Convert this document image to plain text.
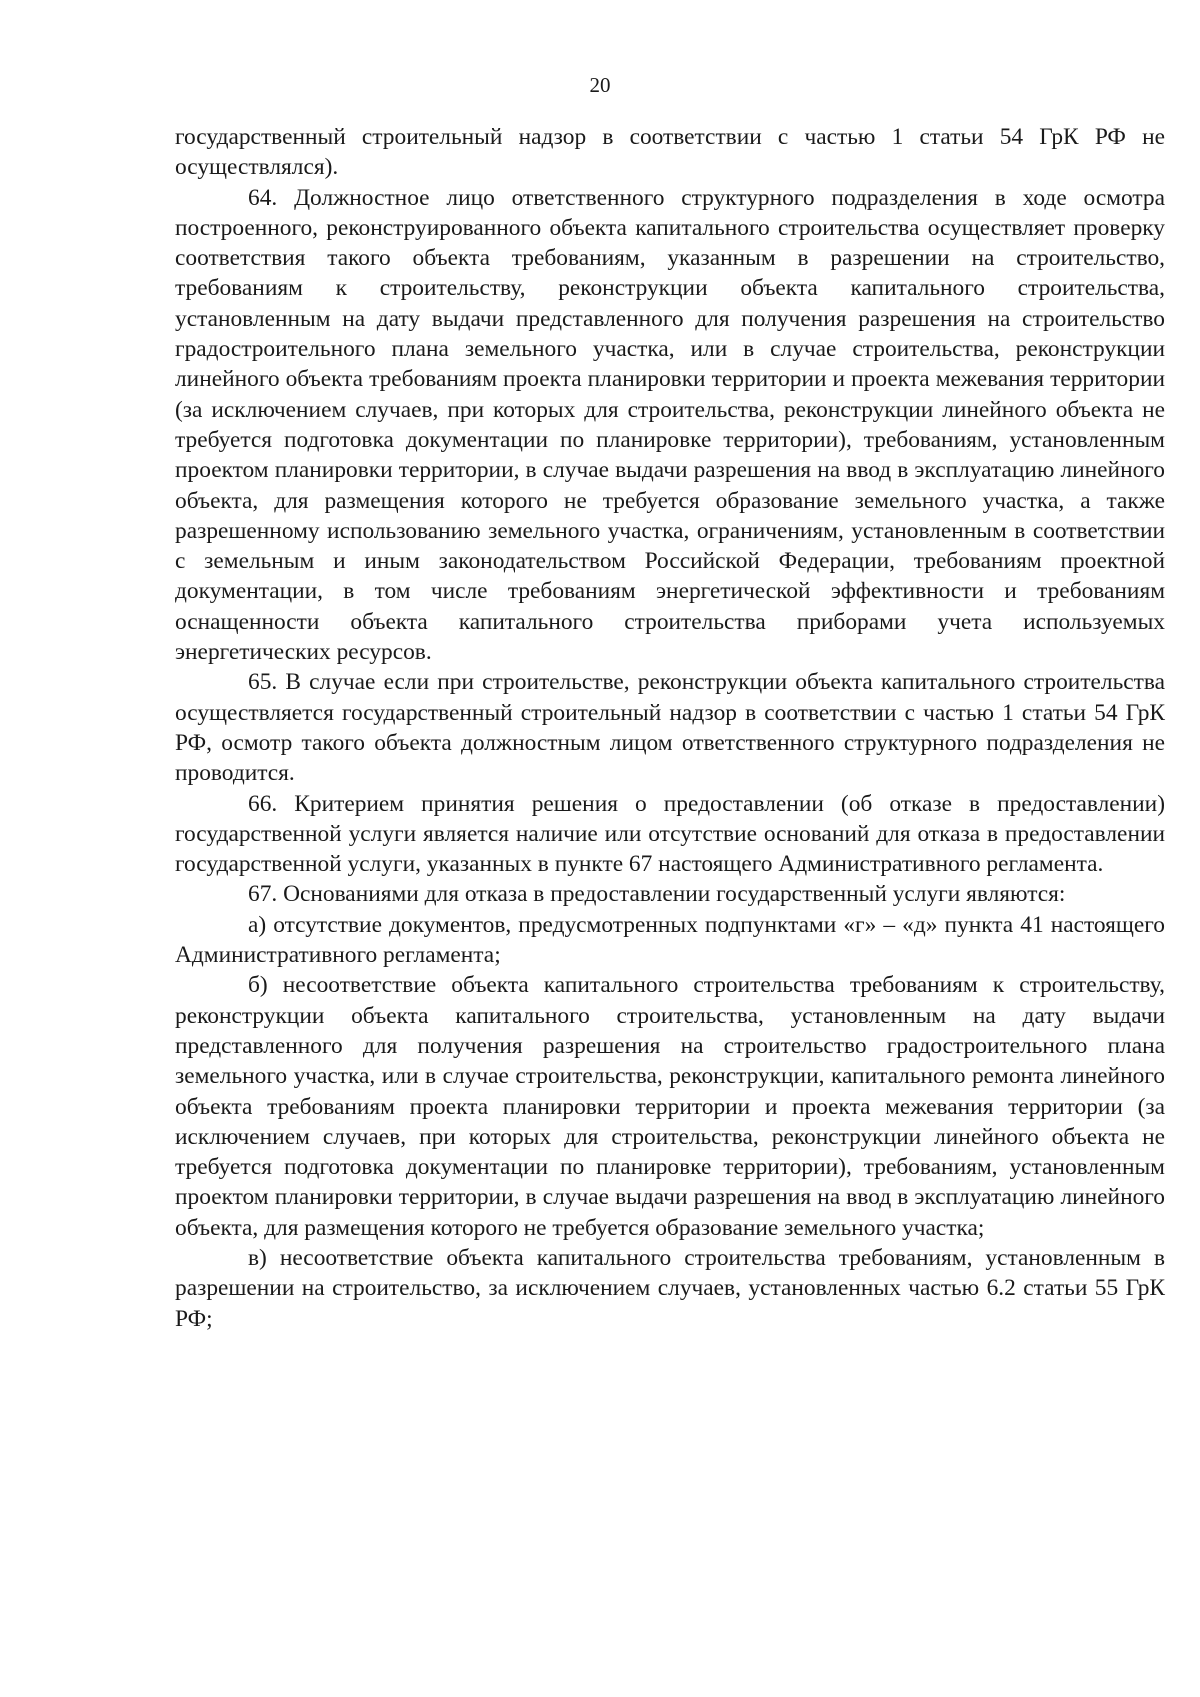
20

государственный строительный надзор в соответствии с частью 1 статьи 54 ГрК РФ не осуществлялся).

64. Должностное лицо ответственного структурного подразделения в ходе осмотра построенного, реконструированного объекта капитального строительства осуществляет проверку соответствия такого объекта требованиям, указанным в разрешении на строительство, требованиям к строительству, реконструкции объекта капитального строительства, установленным на дату выдачи представленного для получения разрешения на строительство градостроительного плана земельного участка, или в случае строительства, реконструкции линейного объекта требованиям проекта планировки территории и проекта межевания территории (за исключением случаев, при которых для строительства, реконструкции линейного объекта не требуется подготовка документации по планировке территории), требованиям, установленным проектом планировки территории, в случае выдачи разрешения на ввод в эксплуатацию линейного объекта, для размещения которого не требуется образование земельного участка, а также разрешенному использованию земельного участка, ограничениям, установленным в соответствии с земельным и иным законодательством Российской Федерации, требованиям проектной документации, в том числе требованиям энергетической эффективности и требованиям оснащенности объекта капитального строительства приборами учета используемых энергетических ресурсов.

65. В случае если при строительстве, реконструкции объекта капитального строительства осуществляется государственный строительный надзор в соответствии с частью 1 статьи 54 ГрК РФ, осмотр такого объекта должностным лицом ответственного структурного подразделения не проводится.

66. Критерием принятия решения о предоставлении (об отказе в предоставлении) государственной услуги является наличие или отсутствие оснований для отказа в предоставлении государственной услуги, указанных в пункте 67 настоящего Административного регламента.

67. Основаниями для отказа в предоставлении государственный услуги являются:

а) отсутствие документов, предусмотренных подпунктами «г» – «д» пункта 41 настоящего Административного регламента;

б) несоответствие объекта капитального строительства требованиям к строительству, реконструкции объекта капитального строительства, установленным на дату выдачи представленного для получения разрешения на строительство градостроительного плана земельного участка, или в случае строительства, реконструкции, капитального ремонта линейного объекта требованиям проекта планировки территории и проекта межевания территории (за исключением случаев, при которых для строительства, реконструкции линейного объекта не требуется подготовка документации по планировке территории), требованиям, установленным проектом планировки территории, в случае выдачи разрешения на ввод в эксплуатацию линейного объекта, для размещения которого не требуется образование земельного участка;

в) несоответствие объекта капитального строительства требованиям, установленным в разрешении на строительство, за исключением случаев, установленных частью 6.2 статьи 55 ГрК РФ;
